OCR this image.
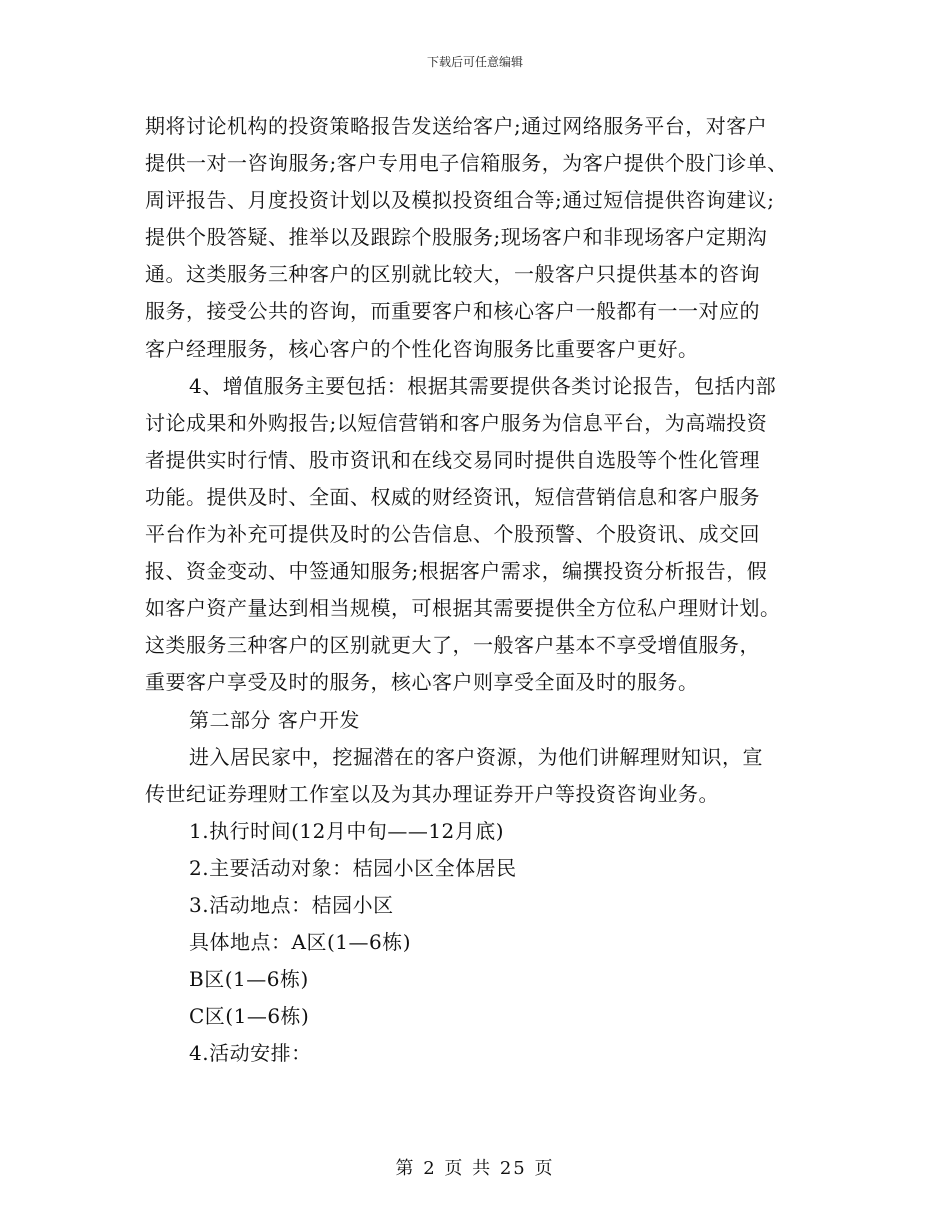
下载后可任意编辑
期将讨论机构的投资策略报告发送给客户;通过网络服务平台，对客户
提供一对一咨询服务;客户专用电子信箱服务，为客户提供个股门诊单、
周评报告、月度投资计划以及模拟投资组合等;通过短信提供咨询建议;
提供个股答疑、推举以及跟踪个股服务;现场客户和非现场客户定期沟
通。这类服务三种客户的区别就比较大，一般客户只提供基本的咨询
服务，接受公共的咨询，而重要客户和核心客户一般都有一一对应的
客户经理服务，核心客户的个性化咨询服务比重要客户更好。
4、增值服务主要包括：根据其需要提供各类讨论报告，包括内部
讨论成果和外购报告;以短信营销和客户服务为信息平台，为高端投资
者提供实时行情、股市资讯和在线交易同时提供自选股等个性化管理
功能。提供及时、全面、权威的财经资讯，短信营销信息和客户服务
平台作为补充可提供及时的公告信息、个股预警、个股资讯、成交回
报、资金变动、中签通知服务;根据客户需求，编撰投资分析报告，假
如客户资产量达到相当规模，可根据其需要提供全方位私户理财计划。
这类服务三种客户的区别就更大了，一般客户基本不享受增值服务，
重要客户享受及时的服务，核心客户则享受全面及时的服务。
第二部分 客户开发
进入居民家中，挖掘潜在的客户资源，为他们讲解理财知识，宣
传世纪证券理财工作室以及为其办理证券开户等投资咨询业务。
1.执行时间(12月中旬——12月底)
2.主要活动对象：桔园小区全体居民
3.活动地点：桔园小区
具体地点：A区(1—6栋)
B区(1—6栋)
C区(1—6栋)
4.活动安排：
第 2 页 共 25 页
